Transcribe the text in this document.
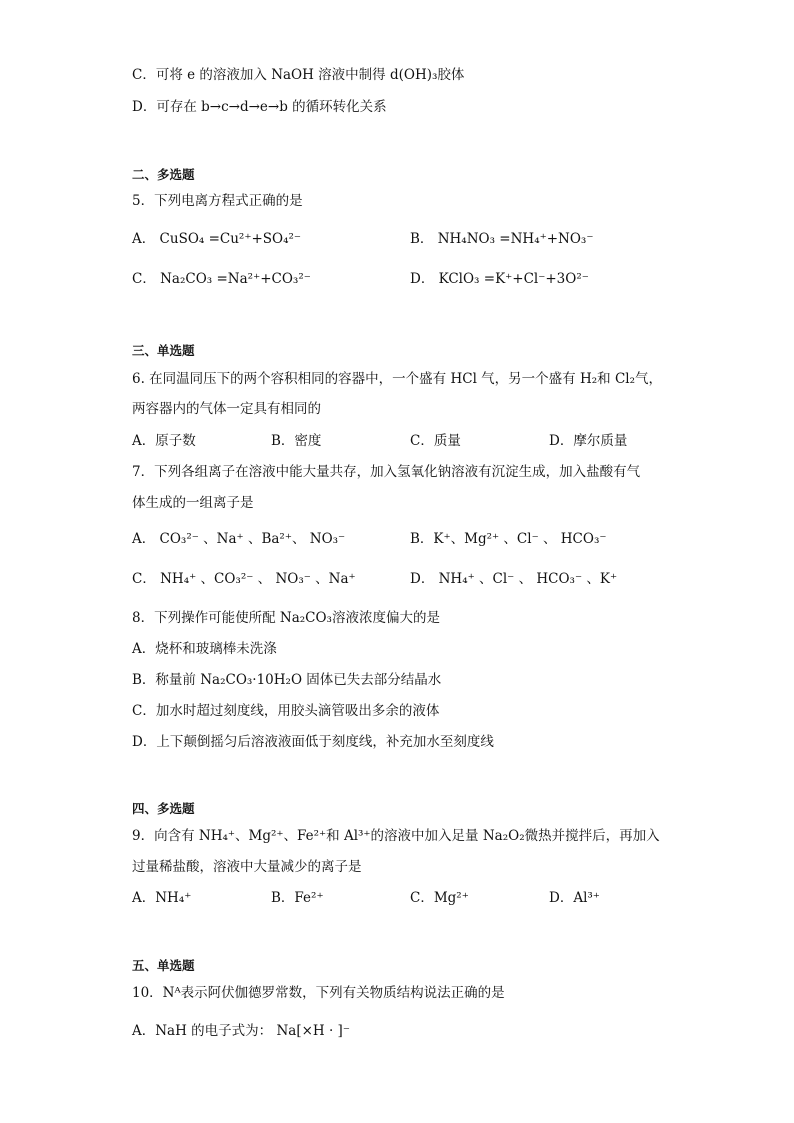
C．可将 e 的溶液加入 NaOH 溶液中制得 d(OH)₃胶体
D．可存在 b→c→d→e→b 的循环转化关系
二、多选题
5．下列电离方程式正确的是
A． CuSO₄ =Cu²⁺+SO₄²⁻	B． NH₄NO₃ =NH₄⁺+NO₃⁻
C． Na₂CO₃ =Na²⁺+CO₃²⁻	D． KClO₃ =K⁺+Cl⁻+3O²⁻
三、单选题
6. 在同温同压下的两个容积相同的容器中，一个盛有 HCl 气，另一个盛有 H₂和 Cl₂气，
两容器内的气体一定具有相同的
A．原子数	B．密度	C．质量	D．摩尔质量
7．下列各组离子在溶液中能大量共存，加入氢氧化钠溶液有沉淀生成，加入盐酸有气
体生成的一组离子是
A． CO₃²⁻ 、Na⁺ 、Ba²⁺、 NO₃⁻	B．K⁺、Mg²⁺ 、Cl⁻ 、 HCO₃⁻
C． NH₄⁺ 、CO₃²⁻ 、 NO₃⁻ 、Na⁺	D． NH₄⁺ 、Cl⁻ 、 HCO₃⁻ 、K⁺
8．下列操作可能使所配 Na₂CO₃溶液浓度偏大的是
A．烧杯和玻璃棒未洗涤
B．称量前 Na₂CO₃·10H₂O 固体已失去部分结晶水
C．加水时超过刻度线，用胶头滴管吸出多余的液体
D．上下颠倒摇匀后溶液液面低于刻度线，补充加水至刻度线
四、多选题
9．向含有 NH₄⁺、Mg²⁺、Fe²⁺和 Al³⁺的溶液中加入足量 Na₂O₂微热并搅拌后，再加入
过量稀盐酸，溶液中大量减少的离子是
A．NH₄⁺	B．Fe²⁺	C．Mg²⁺	D．Al³⁺
五、单选题
10．Nᴬ表示阿伏伽德罗常数，下列有关物质结构说法正确的是
A．NaH 的电子式为： Na[×H · ]⁻
